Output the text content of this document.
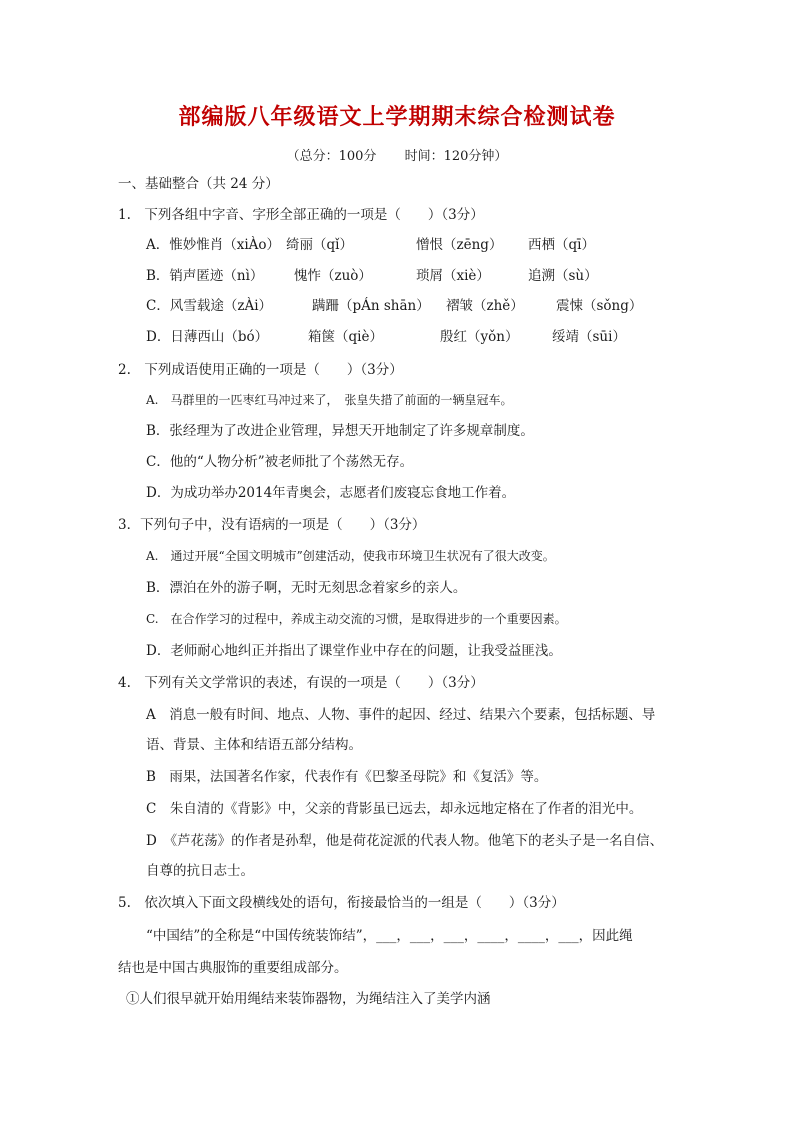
部编版八年级语文上学期期末综合检测试卷
（总分：100分 时间：120分钟）
一、基础整合（共 24 分）
1.　下列各组中字音、字形全部正确的一项是（　　）（3分）
A．惟妙惟肖（xiÀo） 绮丽（qǐ）	憎恨（zēng） 西栖（qī）
B．销声匿迹（nì） 愧怍（zuò）	琐屑（xiè）	追溯（sù）
C．风雪载途（zÀi）	蹒跚（pÁn shān） 褶皱（zhě） 震悚（sǒng）
D．日薄西山（bó）	箱箧（qiè）	殷红（yǒn） 绥靖（sūi）
2.　下列成语使用正确的一项是（　　）（3分）
A.　马群里的一匹枣红马冲过来了，　张皇失措了前面的一辆皇冠车。
B．张经理为了改进企业管理，异想天开地制定了许多规章制度。
C．他的“人物分析”被老师批了个荡然无存。
D．为成功举办2014年青奥会，志愿者们废寝忘食地工作着。
3．下列句子中，没有语病的一项是（　　）（3分）
A.　通过开展“全国文明城市”创建活动，使我市环境卫生状况有了很大改变。
B．漂泊在外的游子啊，无时无刻思念着家乡的亲人。
C.　在合作学习的过程中，养成主动交流的习惯，是取得进步的一个重要因素。
D．老师耐心地纠正并指出了课堂作业中存在的问题，让我受益匪浅。
4.　下列有关文学常识的表述，有误的一项是（　　）（3分）
A　消息一般有时间、地点、人物、事件的起因、经过、结果六个要素，包括标题、导
语、背景、主体和结语五部分结构。
B　雨果，法国著名作家，代表作有《巴黎圣母院》和《复活》等。
C　朱自清的《背影》中，父亲的背影虽已远去，却永远地定格在了作者的泪光中。
D　《芦花荡》的作者是孙犁，他是荷花淀派的代表人物。他笔下的老头子是一名自信、
自尊的抗日志士。
5.　依次填入下面文段横线处的语句，衔接最恰当的一组是（　　）（3分）
“中国结”的全称是“中国传统装饰结”，___，___，___，____，____，___，因此绳
结也是中国古典服饰的重要组成部分。
①人们很早就开始用绳结来装饰器物，为绳结注入了美学内涵
